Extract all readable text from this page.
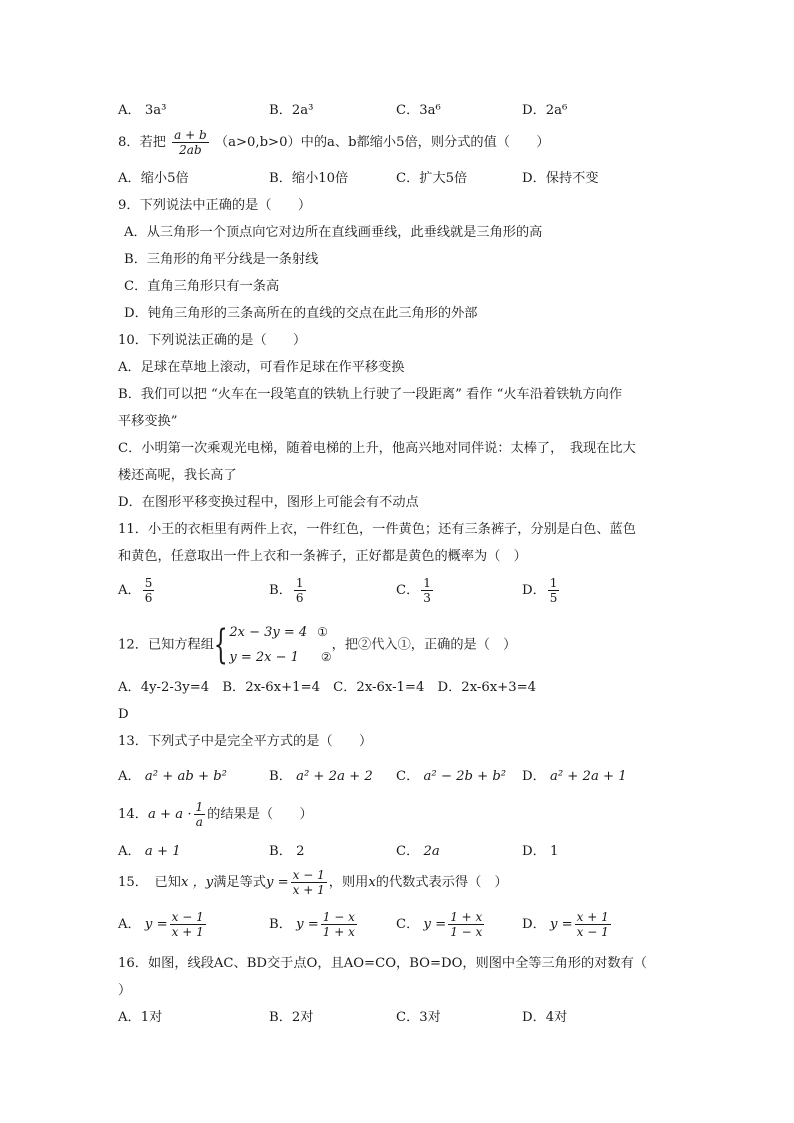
A． 3a³	B．2a³	C．3a⁶	D．2a⁶
8．若把 $\frac{a + b}{2ab} (a>0,b>0)$中的a、b都缩小5倍，则分式的值（　　）
A．缩小5倍	B．缩小10倍	C．扩大5倍	D．保持不变
9．下列说法中正确的是（　　）
A．从三角形一个顶点向它对边所在直线画垂线，此垂线就是三角形的高
B．三角形的角平分线是一条射线
C．直角三角形只有一条高
D．钝角三角形的三条高所在的直线的交点在此三角形的外部
10．下列说法正确的是（　　）
A．足球在草地上滚动，可看作足球在作平移变换
B．我们可以把 “火车在一段笔直的铁轨上行驶了一段距离” 看作 “火车沿着铁轨方向作
平移变换”
C．小明第一次乘观光电梯，随着电梯的上升，他高兴地对同伴说：太棒了，　我现在比大
楼还高呢，我长高了
D．在图形平移变换过程中，图形上可能会有不动点
11．小王的衣柜里有两件上衣，一件红色，一件黄色；还有三条裤子，分别是白色、蓝色
和黄色，任意取出一件上衣和一条裤子，正好都是黄色的概率为（　）
A． $\frac{5}{6}$	B． $\frac{1}{6}$	C． $\frac{1}{3}$	D． $\frac{1}{5}$
12．已知方程组{ 2x − 3y = 4 ①
y = 2x − 1 ②
，把②代入①，正确的是（　）
A．4y-2-3y=4　B．2x-6x+1=4　C．2x-6x-1=4　D．2x-6x+3=4
D
13．下列式子中是完全平方式的是（　　）
A． a² + ab + b²	B． a² + 2a + 2 C． a² − 2b + b² D． a² + 2a + 1
14．$a + a \cdot \frac{1}{a}$ 的结果是（　　）
A． a + 1	B． 2	C． 2a	D． 1
15．　已知x ，y满足等式$y = \frac{x - 1}{x + 1}$ ，则用x的代数式表示得（　）
A． $y = \frac{x - 1}{x + 1}$	B． $y = \frac{1 - x}{1 + x}$	C． $y = \frac{1 + x}{1 - x}$	D． $y = \frac{x + 1}{x - 1}$
16．如图，线段AC、BD交于点O，且AO=CO，BO=DO，则图中全等三角形的对数有（
）
A．1对	B．2对	C．3对	D．4对
